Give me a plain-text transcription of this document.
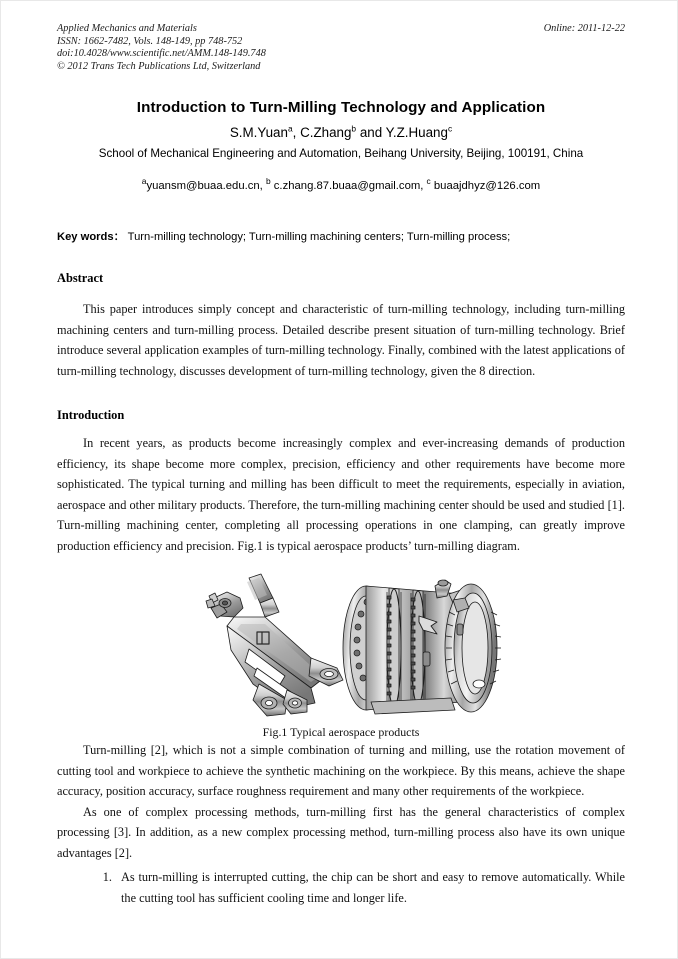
Applied Mechanics and Materials
ISSN: 1662-7482, Vols. 148-149, pp 748-752
doi:10.4028/www.scientific.net/AMM.148-149.748
© 2012 Trans Tech Publications Ltd, Switzerland
Online: 2011-12-22
Introduction to Turn-Milling Technology and Application
S.M.Yuan$^a$, C.Zhang$^b$ and Y.Z.Huang$^c$
School of Mechanical Engineering and Automation, Beihang University, Beijing, 100191, China
$^a$yuansm@buaa.edu.cn, $^b$ c.zhang.87.buaa@gmail.com, $^c$ buaajdhyz@126.com
Key words： Turn-milling technology; Turn-milling machining centers; Turn-milling process;
Abstract
This paper introduces simply concept and characteristic of turn-milling technology, including turn-milling machining centers and turn-milling process. Detailed describe present situation of turn-milling technology. Brief introduce several application examples of turn-milling technology. Finally, combined with the latest applications of turn-milling technology, discusses development of turn-milling technology, given the 8 direction.
Introduction
In recent years, as products become increasingly complex and ever-increasing demands of production efficiency, its shape become more complex, precision, efficiency and other requirements have become more sophisticated. The typical turning and milling has been difficult to meet the requirements, especially in aviation, aerospace and other military products. Therefore, the turn-milling machining center should be used and studied [1]. Turn-milling machining center, completing all processing operations in one clamping, can greatly improve production efficiency and precision. Fig.1 is typical aerospace products’ turn-milling diagram.
Fig.1 Typical aerospace products
Turn-milling [2], which is not a simple combination of turning and milling, use the rotation movement of cutting tool and workpiece to achieve the synthetic machining on the workpiece. By this means, achieve the shape accuracy, position accuracy, surface roughness requirement and many other requirements of the workpiece.
As one of complex processing methods, turn-milling first has the general characteristics of complex processing [3]. In addition, as a new complex processing method, turn-milling process also have its own unique advantages [2].
1. As turn-milling is interrupted cutting, the chip can be short and easy to remove automatically. While the cutting tool has sufficient cooling time and longer life.
